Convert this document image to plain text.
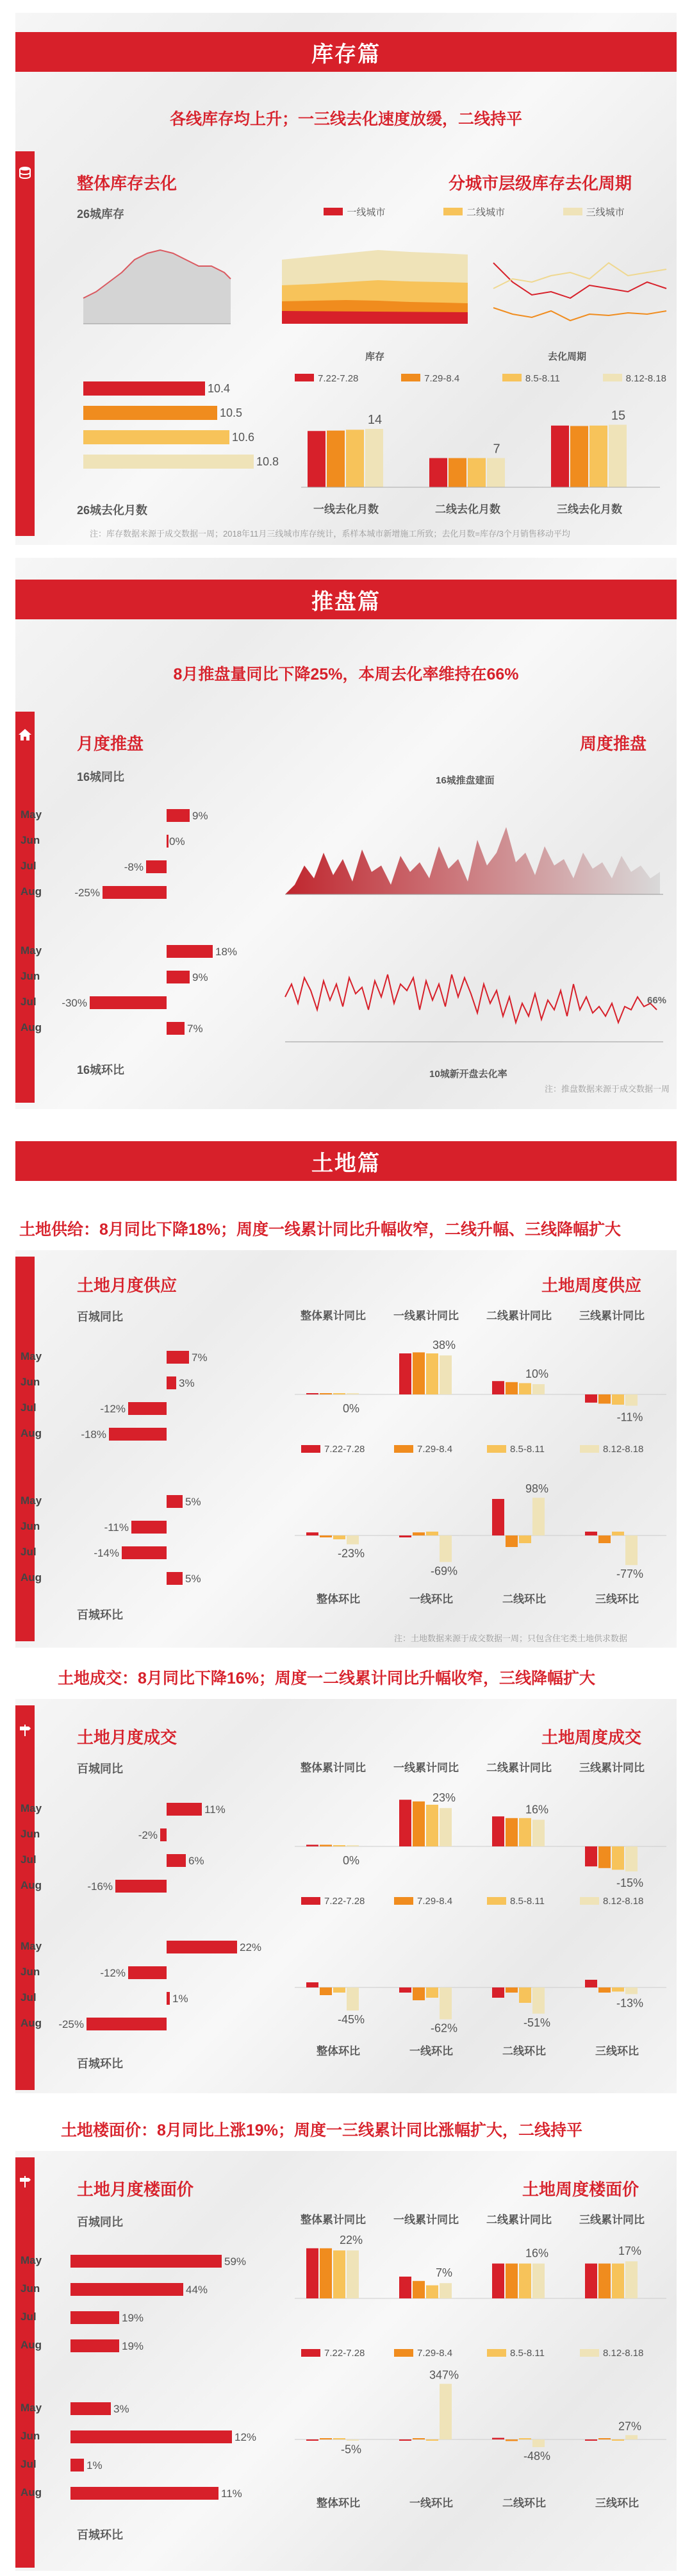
库存篇
各线库存均上升；一三线去化速度放缓，二线持平
整体库存去化
26城库存
10.4
10.5
10.6
10.8
26城去化月数
分城市层级库存去化周期
一线城市	二线城市	三线城市
库存	去化周期
7.22-7.28	7.29-8.4	8.5-8.11	8.12-8.18
14
一线去化月数
7
二线去化月数
15
三线去化月数
注：库存数据来源于成交数据一周；2018年11月三线城市库存统计，系样本城市新增施工所致；去化月数=库存/3个月销售移动平均
推盘篇
8月推盘量同比下降25%，本周去化率维持在66%
月度推盘
16城同比
May	9%
Jun	0%
Jul	-8%
Aug	-25%
May	18%
Jun	9%
Jul -30%
Aug	7%
16城环比
周度推盘
16城推盘建面
66%
10城新开盘去化率
注：推盘数据来源于成交数据一周
土地篇
土地供给：8月同比下降18%；周度一线累计同比升幅收窄，二线升幅、三线降幅扩大
土地月度供应
百城同比
May	7%
Jun	3%
Jul	-12%
Aug	-18%
May	5%
Jun	-11%
Jul	-14%
Aug	5%
百城环比
土地周度供应
整体累计同比	一线累计同比	二线累计同比	三线累计同比
0%
38%
10%
-11%
7.22-7.28	7.29-8.4	8.5-8.11	8.12-8.18
-23%
整体环比
-69%
一线环比
98%
二线环比
-77%
三线环比
注：土地数据来源于成交数据一周；只包含住宅类土地供求数据
土地成交：8月同比下降16%；周度一二线累计同比升幅收窄，三线降幅扩大
土地月度成交
百城同比
May	11%
Jun	-2%
Jul	6%
Aug	-16%
May	22%
Jun	-12%
Jul	1%
Aug -25%
百城环比
土地周度成交
整体累计同比	一线累计同比	二线累计同比	三线累计同比
0%
23%
16%
-15%
7.22-7.28	7.29-8.4	8.5-8.11	8.12-8.18
-45%
整体环比
-62%
一线环比
-51%
二线环比
-13%
三线环比
土地楼面价：8月同比上涨19%；周度一三线累计同比涨幅扩大，二线持平
土地月度楼面价
百城同比
May	59%
Jun	44%
Jul	19%
Aug	19%
May	3%
Jun	12%
Jul	1%
Aug	11%
百城环比
土地周度楼面价
整体累计同比	一线累计同比	二线累计同比	三线累计同比
22%
7%
16%	17%
7.22-7.28	7.29-8.4	8.5-8.11	8.12-8.18
-5%
整体环比
347%
一线环比
-48%
二线环比
27%
三线环比
